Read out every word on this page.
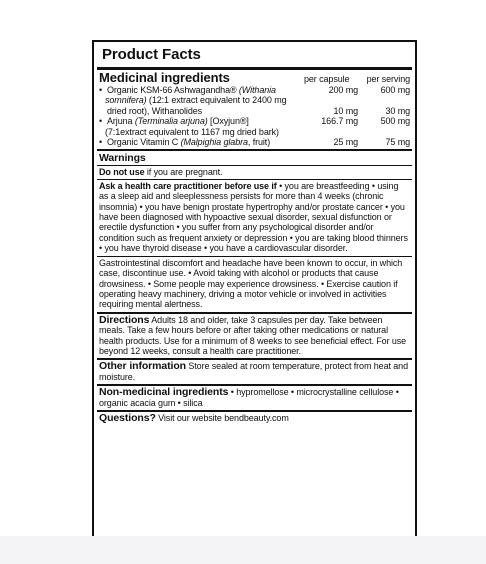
Product Facts
Medicinal ingredients	per capsule	per serving
• Organic KSM-66 Ashwagandha® (Withania	200 mg	600 mg
somnifera) (12:1 extract equivalent to 2400 mg
dried root), Withanolides	10 mg	30 mg
• Arjuna (Terminalia arjuna) [Oxyjun®]	166.7 mg	500 mg
(7:1extract equivalent to 1167 mg dried bark)
• Organic Vitamin C (Malpighia glabra, fruit)	25 mg	75 mg
Warnings
Do not use if you are pregnant.
Ask a health care practitioner before use if • you are breastfeeding • using as a sleep aid and sleeplessness persists for more than 4 weeks (chronic insomnia) • you have benign prostate hypertrophy and/or prostate cancer • you have been diagnosed with hypoactive sexual disorder, sexual disfunction or erectile dysfunction • you suffer from any psychological disorder and/or condition such as frequent anxiety or depression • you are taking blood thinners • you have thyroid disease • you have a cardiovascular disorder.
Gastrointestinal discomfort and headache have been known to occur, in which case, discontinue use. • Avoid taking with alcohol or products that cause drowsiness. • Some people may experience drowsiness. • Exercise caution if operating heavy machinery, driving a motor vehicle or involved in activities requiring mental alertness.
Directions Adults 18 and older, take 3 capsules per day. Take between meals. Take a few hours before or after taking other medications or natural health products. Use for a minimum of 8 weeks to see beneficial effect. For use beyond 12 weeks, consult a health care practitioner.
Other information Store sealed at room temperature, protect from heat and moisture.
Non-medicinal ingredients • hypromellose • microcrystalline cellulose • organic acacia gum • silica
Questions? Visit our website bendbeauty.com
